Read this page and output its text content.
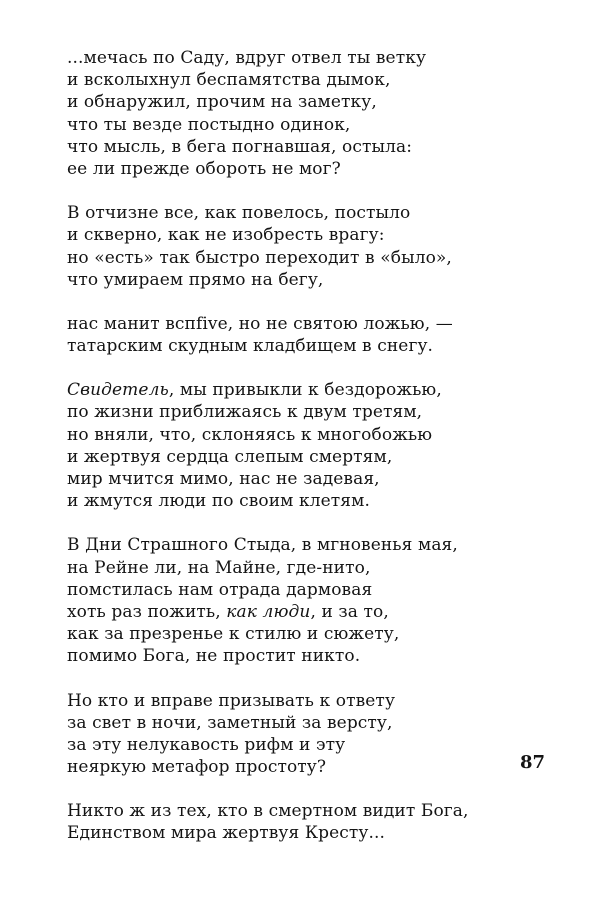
...мечась по Саду, вдруг отвел ты ветку
и всколыхнул беспамятства дымок,
и обнаружил, прочим на заметку,
что ты везде постыдно одинок,
что мысль, в бега погнавшая, остыла:
ее ли прежде обороть не мог?
В отчизне все, как повелось, постыло
и скверно, как не изобресть врагу:
но «есть» так быстро переходит в «было»,
что умираем прямо на бегу,
нас манит вспfive, но не святою ложью, —
татарским скудным кладбищем в снегу.
Свидетель, мы привыкли к бездорожью,
по жизни приближаясь к двум третям,
но вняли, что, склоняясь к многобожью
и жертвуя сердца слепым смертям,
мир мчится мимо, нас не задевая,
и жмутся люди по своим клетям.
В Дни Страшного Стыда, в мгновенья мая,
на Рейне ли, на Майне, где-нито,
помстилась нам отрада дармовая
хоть раз пожить, как люди, и за то,
как за презренье к стилю и сюжету,
помимо Бога, не простит никто.
Но кто и вправе призывать к ответу
за свет в ночи, заметный за версту,
за эту нелукавость рифм и эту
неяркую метафор простоту?
Никто ж из тех, кто в смертном видит Бога,
Единством мира жертвуя Кресту...
87
